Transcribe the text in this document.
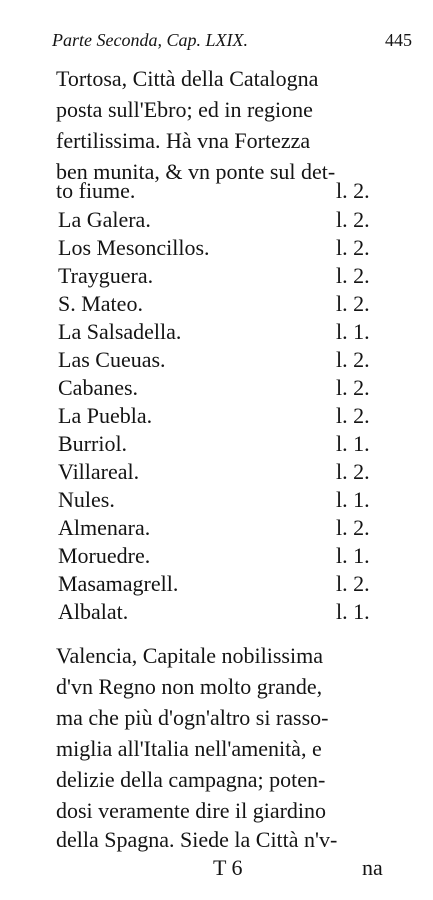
Parte Seconda, Cap. LXIX.	445
Tortosa, Città della Catalogna
posta sull'Ebro; ed in regione
fertilissima. Hà vna Fortezza
ben munita, & vn ponte sul det-
to fiume.	l. 2.
La Galera.	l. 2.
Los Mesoncillos.	l. 2.
Trayguera.	l. 2.
S. Mateo.	l. 2.
La Salsadella.	l. 1.
Las Cueuas.	l. 2.
Cabanes.	l. 2.
La Puebla.	l. 2.
Burriol.	l. 1.
Villareal.	l. 2.
Nules.	l. 1.
Almenara.	l. 2.
Moruedre.	l. 1.
Masamagrell.	l. 2.
Albalat.	l. 1.
Valencia, Capitale nobilissima
d'vn Regno non molto grande,
ma che più d'ogn'altro si rasso-
miglia all'Italia nell'amenità, e
delizie della campagna; poten-
dosi veramente dire il giardino
della Spagna. Siede la Città n'v-
T 6	na
